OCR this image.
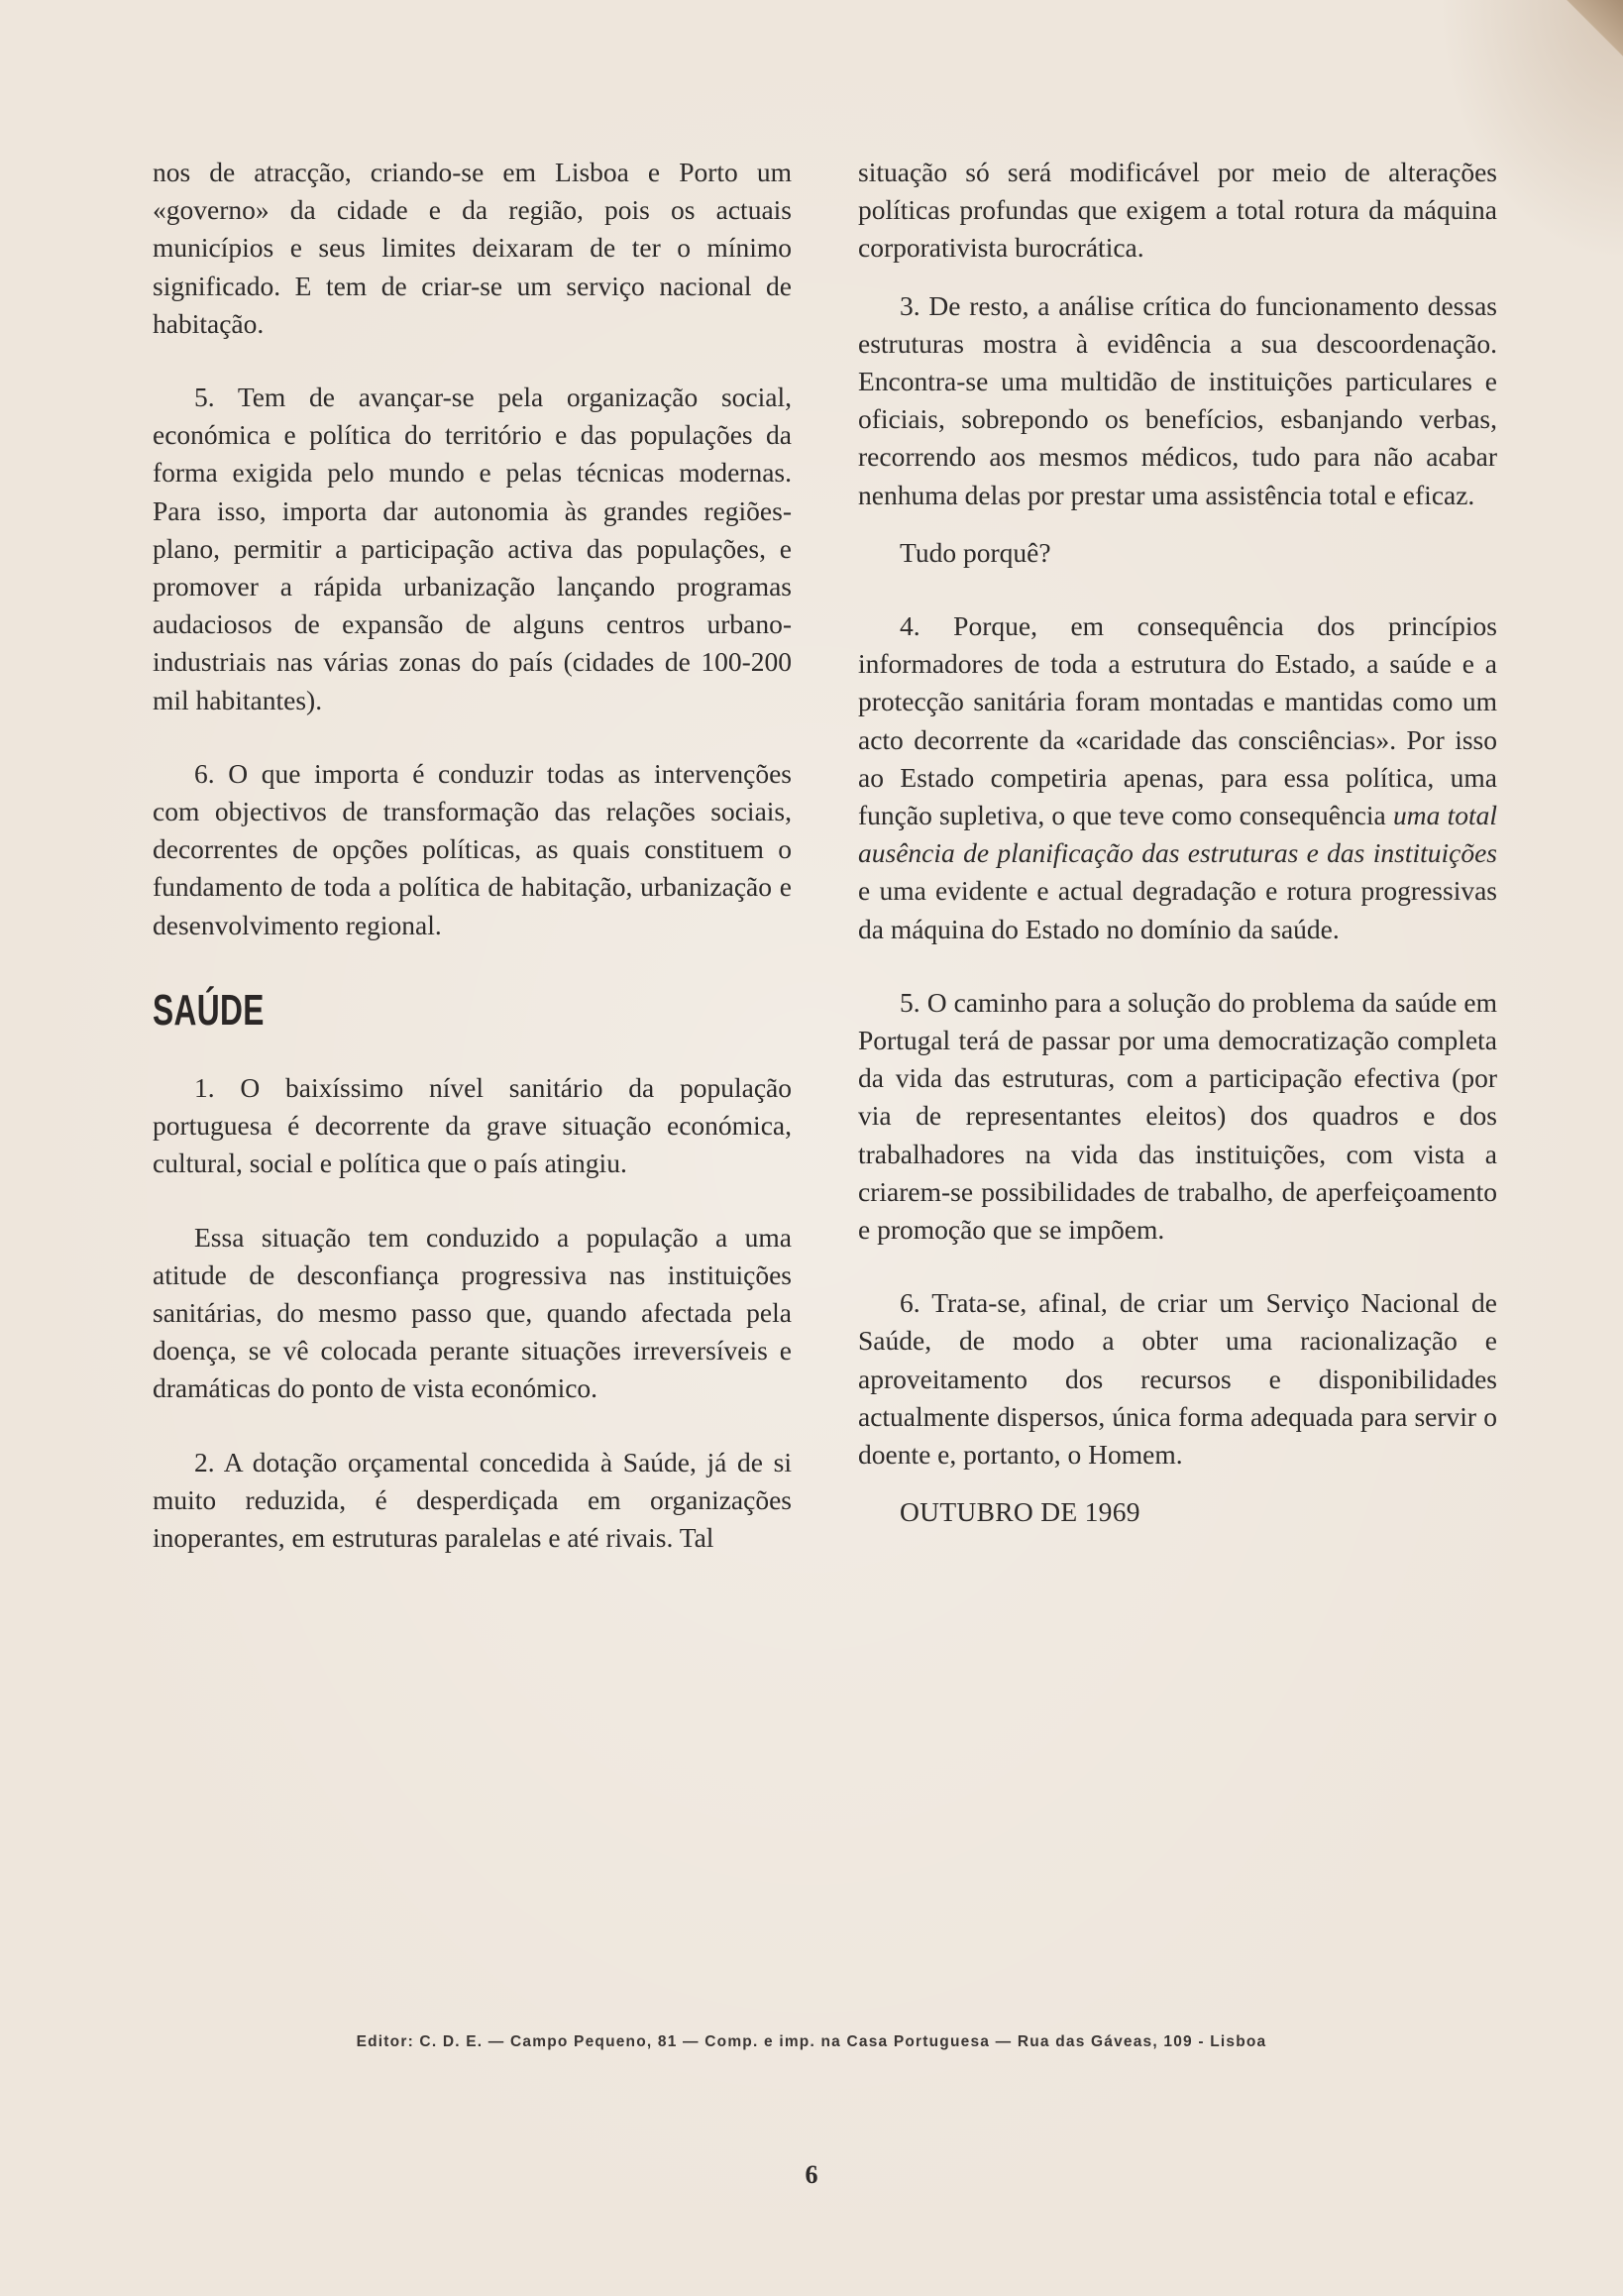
nos de atracção, criando-se em Lisboa e Porto um «governo» da cidade e da região, pois os actuais municípios e seus limites deixaram de ter o mínimo significado. E tem de criar-se um serviço nacional de habitação.

5. Tem de avançar-se pela organização social, económica e política do território e das populações da forma exigida pelo mundo e pelas técnicas modernas. Para isso, importa dar autonomia às grandes regiões-plano, permitir a participação activa das populações, e promover a rápida urbanização lançando programas audaciosos de expansão de alguns centros urbano-industriais nas várias zonas do país (cidades de 100-200 mil habitantes).

6. O que importa é conduzir todas as intervenções com objectivos de transformação das relações sociais, decorrentes de opções políticas, as quais constituem o fundamento de toda a política de habitação, urbanização e desenvolvimento regional.

SAÚDE

1. O baixíssimo nível sanitário da população portuguesa é decorrente da grave situação económica, cultural, social e política que o país atingiu.

Essa situação tem conduzido a população a uma atitude de desconfiança progressiva nas instituições sanitárias, do mesmo passo que, quando afectada pela doença, se vê colocada perante situações irreversíveis e dramáticas do ponto de vista económico.

2. A dotação orçamental concedida à Saúde, já de si muito reduzida, é desperdiçada em organizações inoperantes, em estruturas paralelas e até rivais. Tal

situação só será modificável por meio de alterações políticas profundas que exigem a total rotura da máquina corporativista burocrática.

3. De resto, a análise crítica do funcionamento dessas estruturas mostra à evidência a sua descoordenação. Encontra-se uma multidão de instituições particulares e oficiais, sobrepondo os benefícios, esbanjando verbas, recorrendo aos mesmos médicos, tudo para não acabar nenhuma delas por prestar uma assistência total e eficaz.

Tudo porquê?

4. Porque, em consequência dos princípios informadores de toda a estrutura do Estado, a saúde e a protecção sanitária foram montadas e mantidas como um acto decorrente da «caridade das consciências». Por isso ao Estado competiria apenas, para essa política, uma função supletiva, o que teve como consequência uma total ausência de planificação das estruturas e das instituições e uma evidente e actual degradação e rotura progressivas da máquina do Estado no domínio da saúde.

5. O caminho para a solução do problema da saúde em Portugal terá de passar por uma democratização completa da vida das estruturas, com a participação efectiva (por via de representantes eleitos) dos quadros e dos trabalhadores na vida das instituições, com vista a criarem-se possibilidades de trabalho, de aperfeiçoamento e promoção que se impõem.

6. Trata-se, afinal, de criar um Serviço Nacional de Saúde, de modo a obter uma racionalização e aproveitamento dos recursos e disponibilidades actualmente dispersos, única forma adequada para servir o doente e, portanto, o Homem.

OUTUBRO DE 1969

Editor: C. D. E. — Campo Pequeno, 81 — Comp. e imp. na Casa Portuguesa — Rua das Gáveas, 109 - Lisboa
6
